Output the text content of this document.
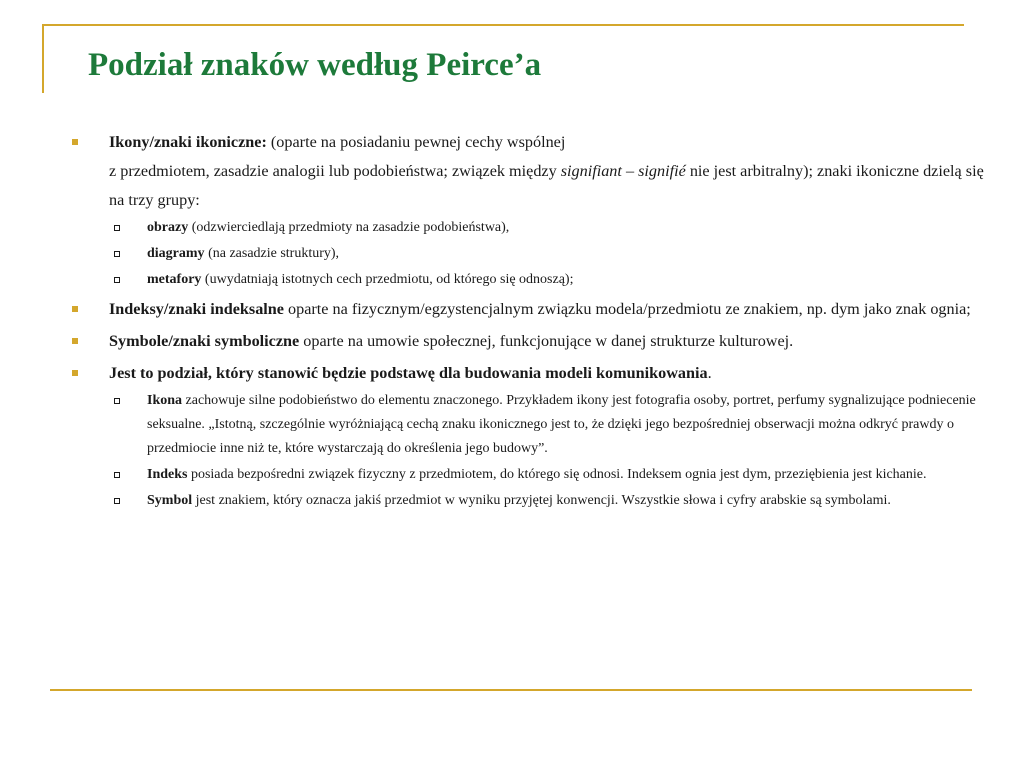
Podział znaków według Peirce’a
Ikony/znaki ikoniczne: (oparte na posiadaniu pewnej cechy wspólnej
z przedmiotem, zasadzie analogii lub podobieństwa; związek między signifiant – signifié nie jest arbitralny); znaki ikoniczne dzielą się na trzy grupy:
obrazy (odzwierciedlają przedmioty na zasadzie podobieństwa),
diagramy (na zasadzie struktury),
metafory (uwydatniają istotnych cech przedmiotu, od którego się odnoszą);
Indeksy/znaki indeksalne oparte na fizycznym/egzystencjalnym związku modela/przedmiotu ze znakiem, np. dym jako znak ognia;
Symbole/znaki symboliczne oparte na umowie społecznej, funkcjonujące w danej strukturze kulturowej.
Jest to podział, który stanowić będzie podstawę dla budowania modeli komunikowania.
Ikona zachowuje silne podobieństwo do elementu znaczonego. Przykładem ikony jest fotografia osoby, portret, perfumy sygnalizujące podniecenie seksualne. „Istotną, szczególnie wyróżniającą cechą znaku ikonicznego jest to, że dzięki jego bezpośredniej obserwacji można odkryć prawdy o przedmiocie inne niż te, które wystarczają do określenia jego budowy”.
Indeks posiada bezpośredni związek fizyczny z przedmiotem, do którego się odnosi. Indeksem ognia jest dym, przeziębienia jest kichanie.
Symbol jest znakiem, który oznacza jakiś przedmiot w wyniku przyjętej konwencji. Wszystkie słowa i cyfry arabskie są symbolami.
